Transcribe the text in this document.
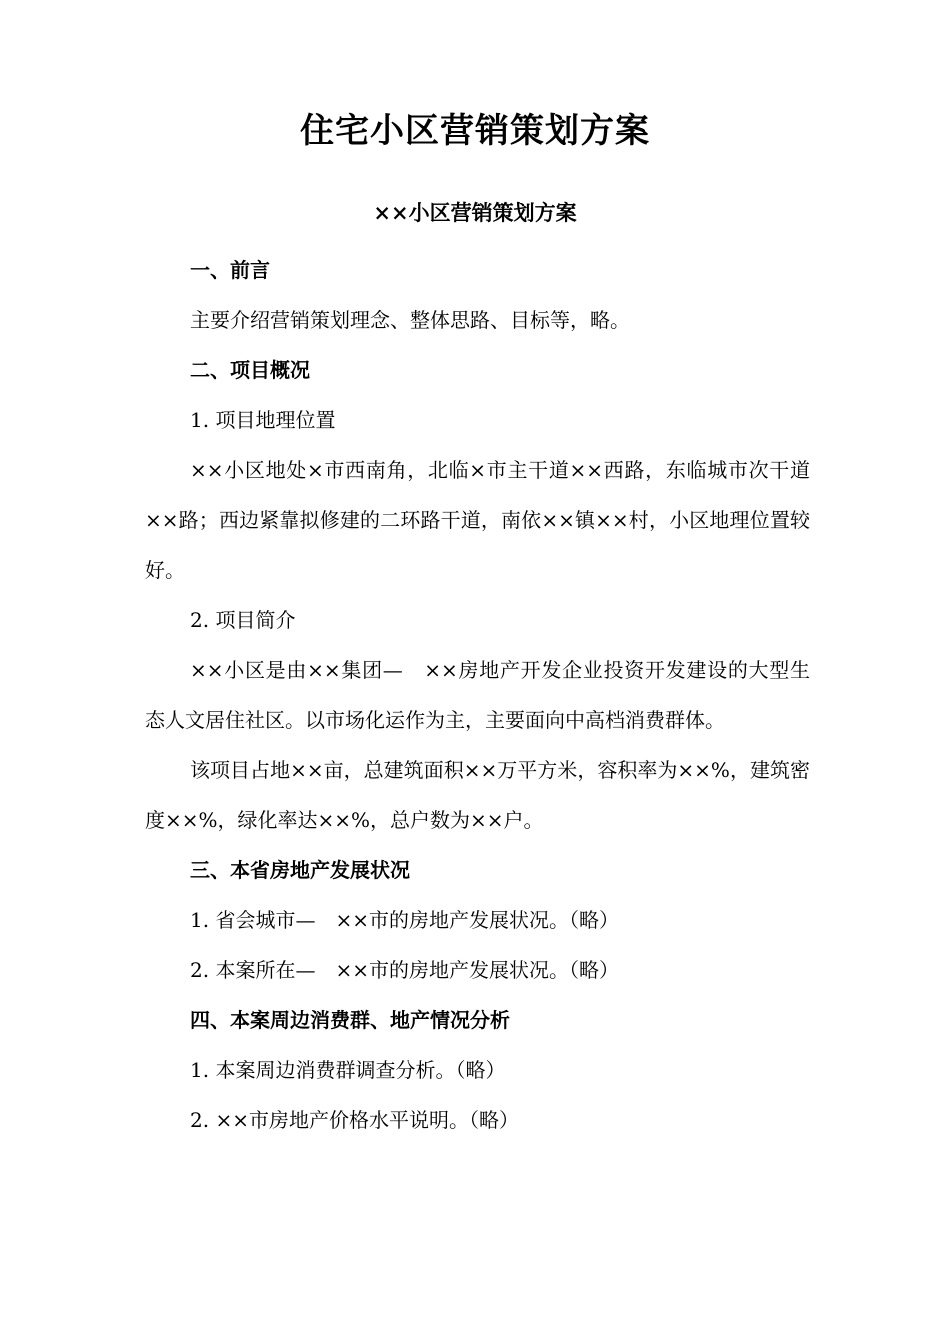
住宅小区营销策划方案
××小区营销策划方案

一、前言

主要介绍营销策划理念、整体思路、目标等，略。

二、项目概况

1. 项目地理位置

××小区地处×市西南角，北临×市主干道××西路，东临城市次干道××路；西边紧靠拟修建的二环路干道，南依××镇××村，小区地理位置较好。

2. 项目简介

××小区是由××集团—　××房地产开发企业投资开发建设的大型生态人文居住社区。以市场化运作为主，主要面向中高档消费群体。

该项目占地××亩，总建筑面积××万平方米，容积率为××%，建筑密度××%，绿化率达××%，总户数为××户。

三、本省房地产发展状况

1. 省会城市—　××市的房地产发展状况。（略）

2. 本案所在—　××市的房地产发展状况。（略）

四、本案周边消费群、地产情况分析

1. 本案周边消费群调查分析。（略）

2. ××市房地产价格水平说明。（略）
